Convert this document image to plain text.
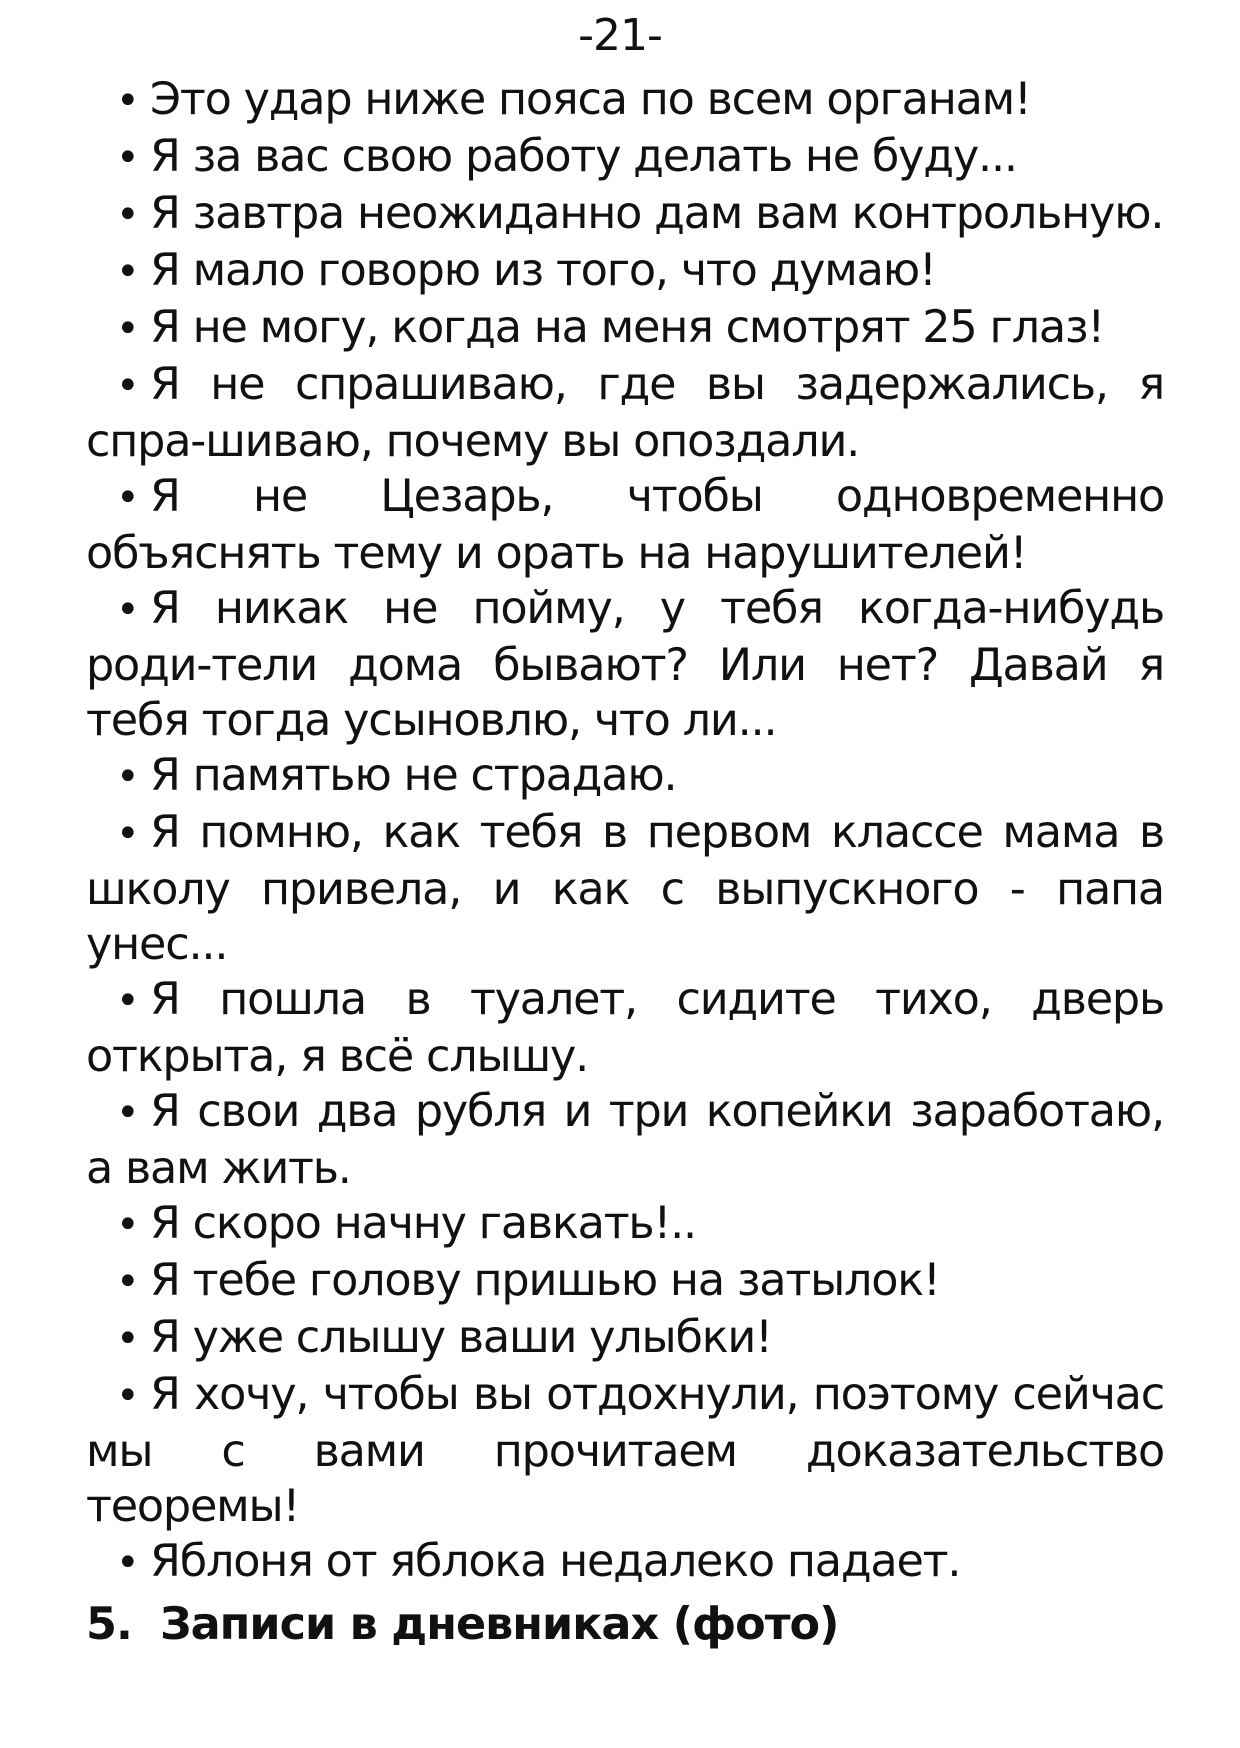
-21-

• Это удар ниже пояса по всем органам!

• Я за вас свою работу делать не буду...

• Я завтра неожиданно дам вам контрольную.

• Я мало говорю из того, что думаю!

• Я не могу, когда на меня смотрят 25 глаз!

• Я не спрашиваю, где вы задержались, я спра-шиваю, почему вы опоздали.

• Я не Цезарь, чтобы одновременно объяснять тему и орать на нарушителей!

• Я никак не пойму, у тебя когда-нибудь роди-тели дома бывают? Или нет? Давай я тебя тогда усыновлю, что ли...

• Я памятью не страдаю.

• Я помню, как тебя в первом классе мама в школу привела, и как с выпускного - папа унес...

• Я пошла в туалет, сидите тихо, дверь открыта, я всё слышу.

• Я свои два рубля и три копейки заработаю, а вам жить.

• Я скоро начну гавкать!..

• Я тебе голову пришью на затылок!

• Я уже слышу ваши улыбки!

• Я хочу, чтобы вы отдохнули, поэтому сейчас мы с вами прочитаем доказательство теоремы!

• Яблоня от яблока недалеко падает.

5. Записи в дневниках (фото)
